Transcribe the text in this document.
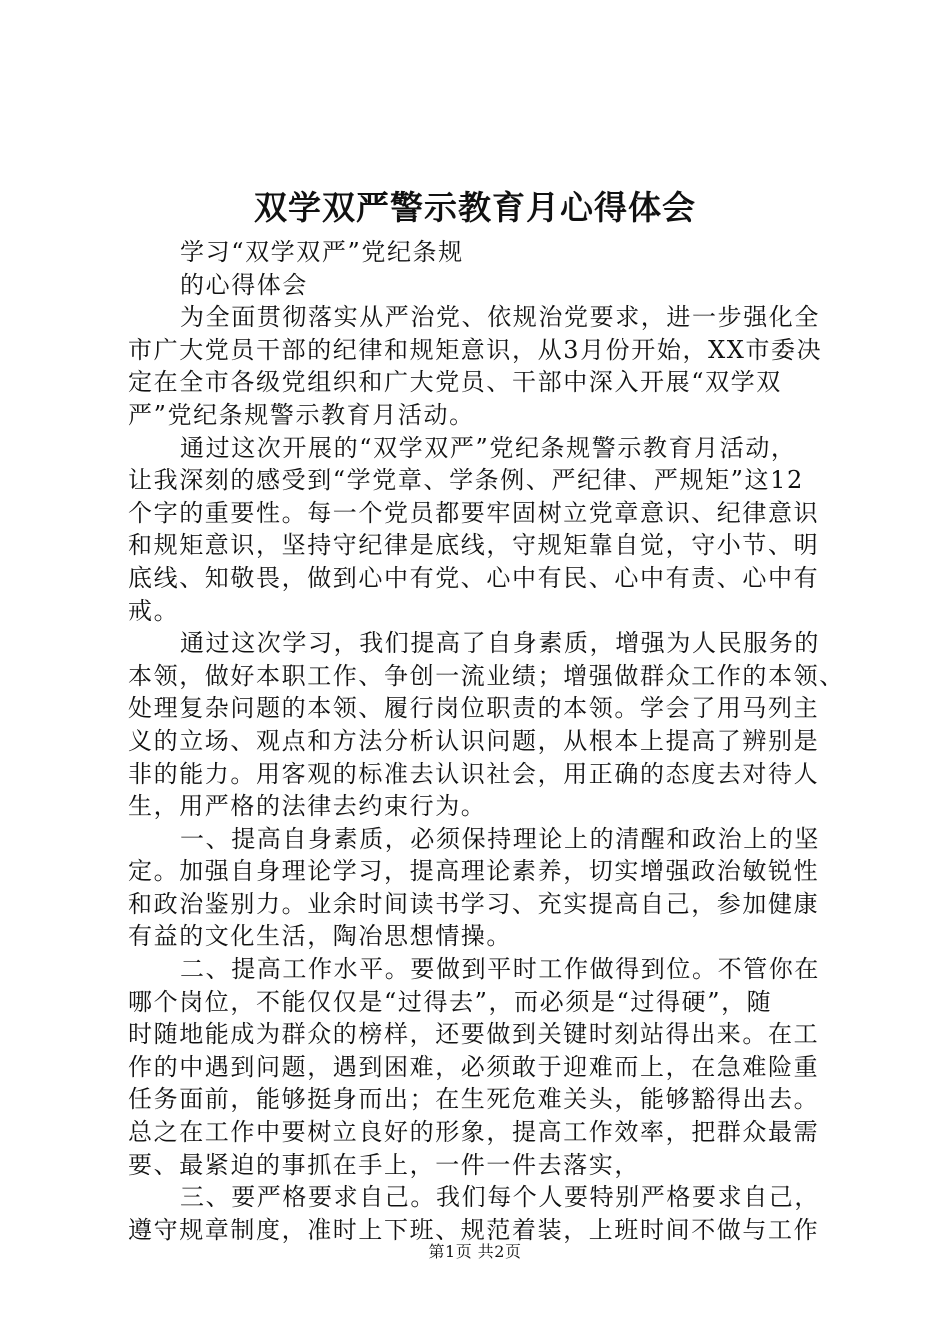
双学双严警示教育月心得体会
学习“双学双严”党纪条规
的心得体会
为全面贯彻落实从严治党、依规治党要求，进一步强化全
市广大党员干部的纪律和规矩意识，从3月份开始，XX市委决
定在全市各级党组织和广大党员、干部中深入开展“双学双
严”党纪条规警示教育月活动。
通过这次开展的“双学双严”党纪条规警示教育月活动，
让我深刻的感受到“学党章、学条例、严纪律、严规矩”这12
个字的重要性。每一个党员都要牢固树立党章意识、纪律意识
和规矩意识，坚持守纪律是底线，守规矩靠自觉，守小节、明
底线、知敬畏，做到心中有党、心中有民、心中有责、心中有
戒。
通过这次学习，我们提高了自身素质，增强为人民服务的
本领，做好本职工作、争创一流业绩；增强做群众工作的本领、
处理复杂问题的本领、履行岗位职责的本领。学会了用马列主
义的立场、观点和方法分析认识问题，从根本上提高了辨别是
非的能力。用客观的标准去认识社会，用正确的态度去对待人
生，用严格的法律去约束行为。
一、提高自身素质，必须保持理论上的清醒和政治上的坚
定。加强自身理论学习，提高理论素养，切实增强政治敏锐性
和政治鉴别力。业余时间读书学习、充实提高自己，参加健康
有益的文化生活，陶冶思想情操。
二、提高工作水平。要做到平时工作做得到位。不管你在
哪个岗位，不能仅仅是“过得去”，而必须是“过得硬”，随
时随地能成为群众的榜样，还要做到关键时刻站得出来。在工
作的中遇到问题，遇到困难，必须敢于迎难而上，在急难险重
任务面前，能够挺身而出；在生死危难关头，能够豁得出去。
总之在工作中要树立良好的形象，提高工作效率，把群众最需
要、最紧迫的事抓在手上，一件一件去落实，
三、要严格要求自己。我们每个人要特别严格要求自己，
遵守规章制度，准时上下班、规范着装，上班时间不做与工作
第1页 共2页
